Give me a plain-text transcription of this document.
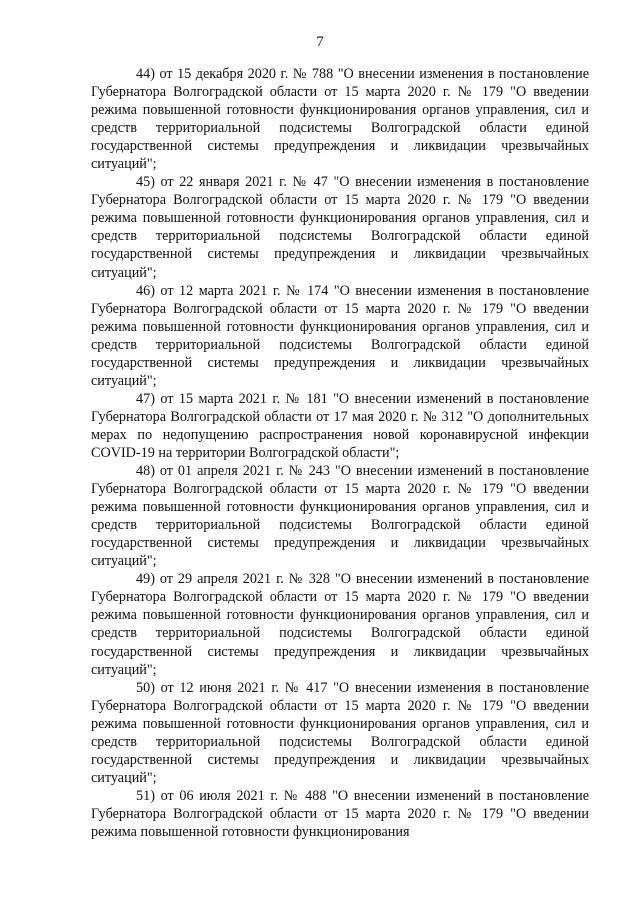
7

44) от 15 декабря 2020 г. № 788 "О внесении изменения в постановление Губернатора Волгоградской области от 15 марта 2020 г. № 179 "О введении режима повышенной готовности функционирования органов управления, сил и средств территориальной подсистемы Волгоградской области единой государственной системы предупреждения и ликвидации чрезвычайных ситуаций";

45) от 22 января 2021 г. № 47 "О внесении изменения в постановление Губернатора Волгоградской области от 15 марта 2020 г. № 179 "О введении режима повышенной готовности функционирования органов управления, сил и средств территориальной подсистемы Волгоградской области единой государственной системы предупреждения и ликвидации чрезвычайных ситуаций";

46) от 12 марта 2021 г. № 174 "О внесении изменения в постановление Губернатора Волгоградской области от 15 марта 2020 г. № 179 "О введении режима повышенной готовности функционирования органов управления, сил и средств территориальной подсистемы Волгоградской области единой государственной системы предупреждения и ликвидации чрезвычайных ситуаций";

47) от 15 марта 2021 г. № 181 "О внесении изменений в постановление Губернатора Волгоградской области от 17 мая 2020 г. № 312 "О дополнительных мерах по недопущению распространения новой коронавирусной инфекции COVID-19 на территории Волгоградской области";

48) от 01 апреля 2021 г. № 243 "О внесении изменений в постановление Губернатора Волгоградской области от 15 марта 2020 г. № 179 "О введении режима повышенной готовности функционирования органов управления, сил и средств территориальной подсистемы Волгоградской области единой государственной системы предупреждения и ликвидации чрезвычайных ситуаций";

49) от 29 апреля 2021 г. № 328 "О внесении изменений в постановление Губернатора Волгоградской области от 15 марта 2020 г. № 179 "О введении режима повышенной готовности функционирования органов управления, сил и средств территориальной подсистемы Волгоградской области единой государственной системы предупреждения и ликвидации чрезвычайных ситуаций";

50) от 12 июня 2021 г. № 417 "О внесении изменения в постановление Губернатора Волгоградской области от 15 марта 2020 г. № 179 "О введении режима повышенной готовности функционирования органов управления, сил и средств территориальной подсистемы Волгоградской области единой государственной системы предупреждения и ликвидации чрезвычайных ситуаций";

51) от 06 июля 2021 г. № 488 "О внесении изменений в постановление Губернатора Волгоградской области от 15 марта 2020 г. № 179 "О введении режима повышенной готовности функционирования
